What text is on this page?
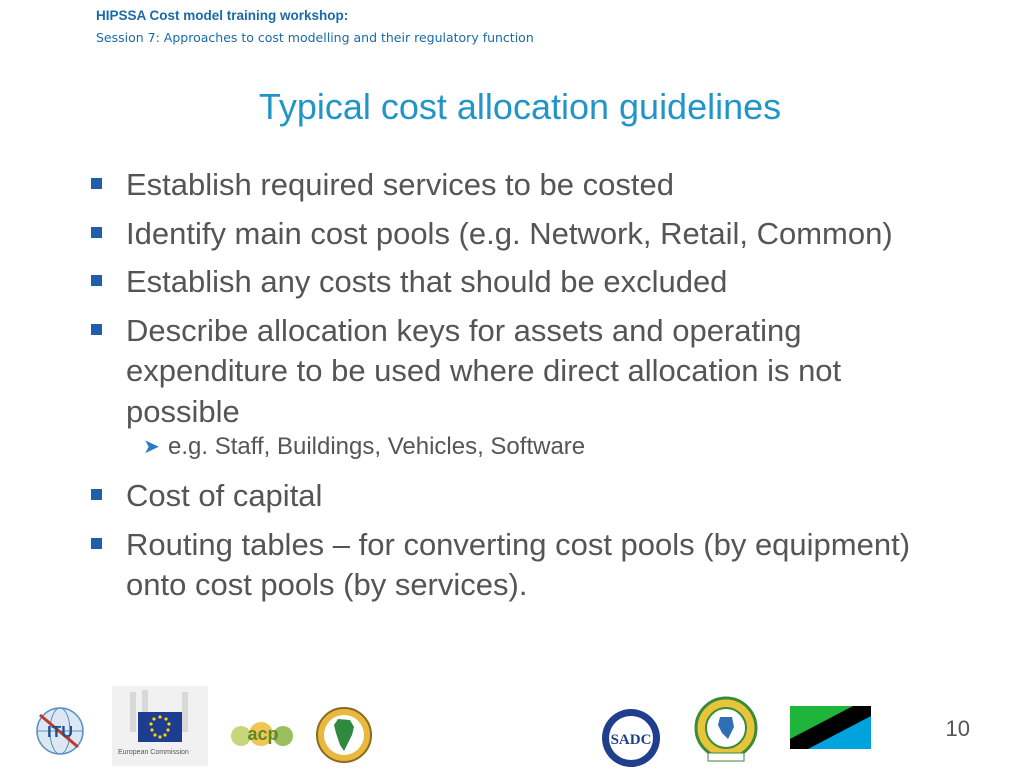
HIPSSA Cost model training workshop:
Session 7: Approaches to cost modelling and their regulatory function
Typical cost allocation guidelines
Establish required services to be costed
Identify main cost pools (e.g. Network, Retail, Common)
Establish any costs that should be excluded
Describe allocation keys for assets and operating expenditure to be used where direct allocation is not possible
➤ e.g. Staff, Buildings, Vehicles, Software
Cost of capital
Routing tables – for converting cost pools (by equipment) onto cost pools (by services).
ITU
European Commission
acp	SADC	10
